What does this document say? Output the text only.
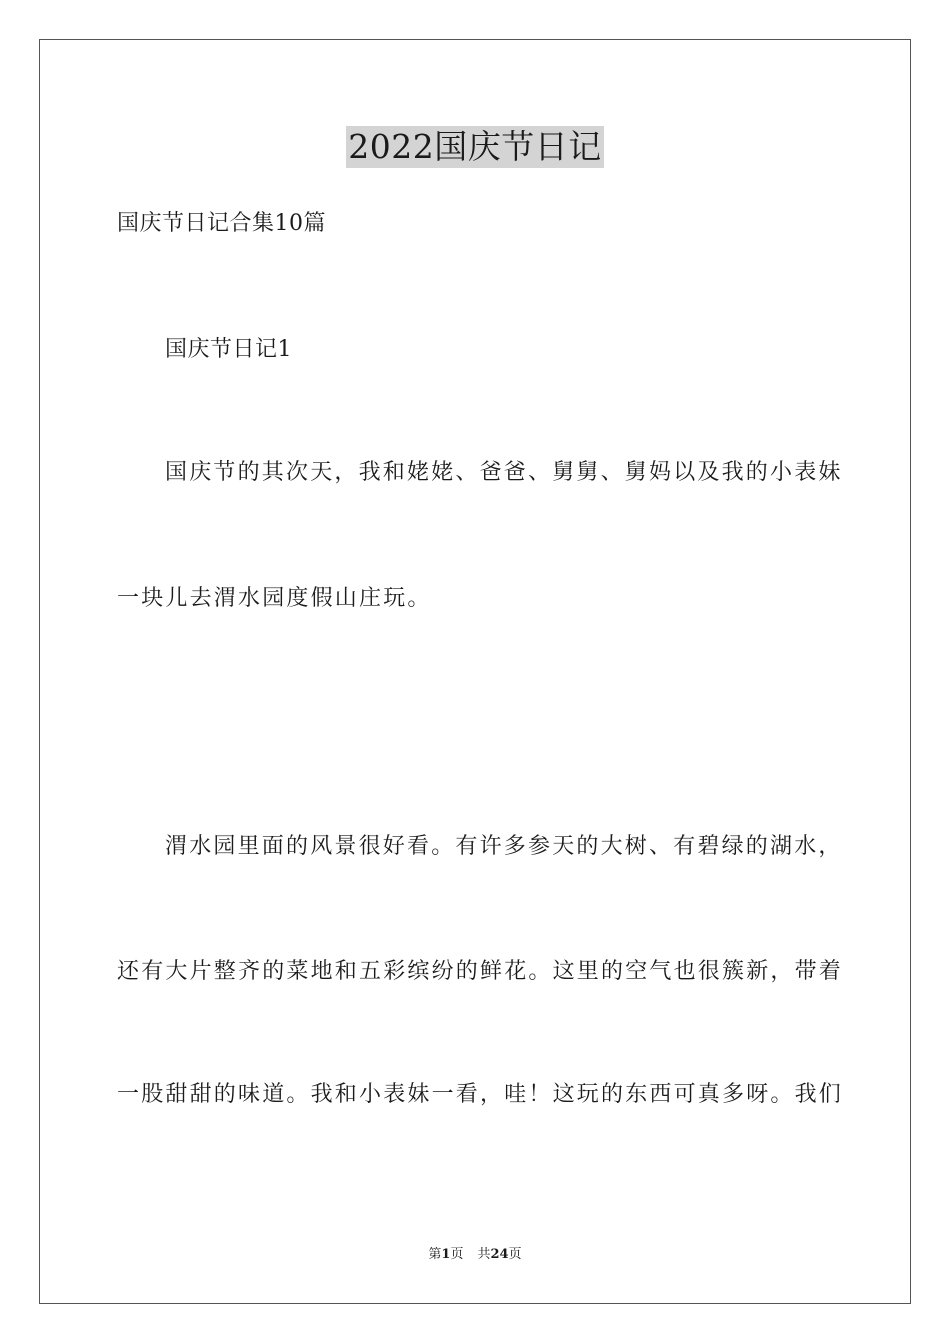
2022国庆节日记
国庆节日记合集10篇
国庆节日记1
国庆节的其次天，我和姥姥、爸爸、舅舅、舅妈以及我的小表妹
一块儿去渭水园度假山庄玩。
渭水园里面的风景很好看。有许多参天的大树、有碧绿的湖水，
还有大片整齐的菜地和五彩缤纷的鲜花。这里的空气也很簇新，带着
一股甜甜的味道。我和小表妹一看，哇！这玩的东西可真多呀。我们
第1页 共24页
